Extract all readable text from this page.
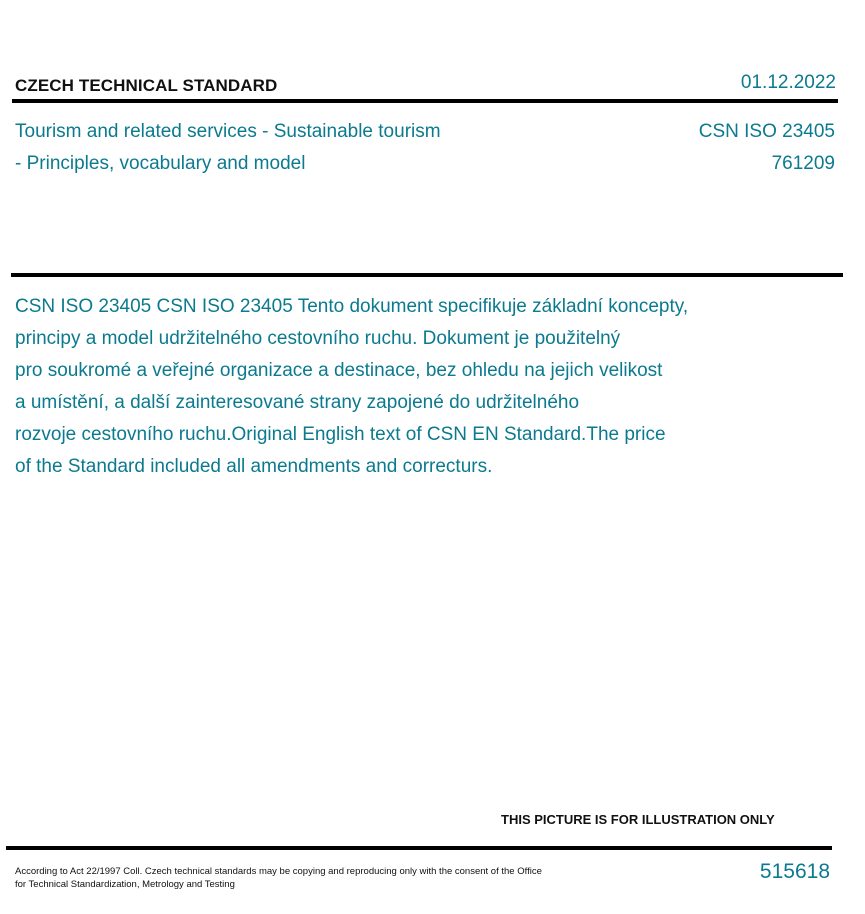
CZECH TECHNICAL STANDARD	01.12.2022
Tourism and related services - Sustainable tourism
- Principles, vocabulary and model
CSN ISO 23405
761209
CSN ISO 23405 CSN ISO 23405 Tento dokument specifikuje základní koncepty,
principy a model udržitelného cestovního ruchu. Dokument je použitelný
pro soukromé a veřejné organizace a destinace, bez ohledu na jejich velikost
a umístění, a další zainteresované strany zapojené do udržitelného
rozvoje cestovního ruchu.Original English text of CSN EN Standard.The price
of the Standard included all amendments and correcturs.
THIS PICTURE IS FOR ILLUSTRATION ONLY
According to Act 22/1997 Coll. Czech technical standards may be copying and reproducing only with the consent of the Office
for Technical Standardization, Metrology and Testing
515618
